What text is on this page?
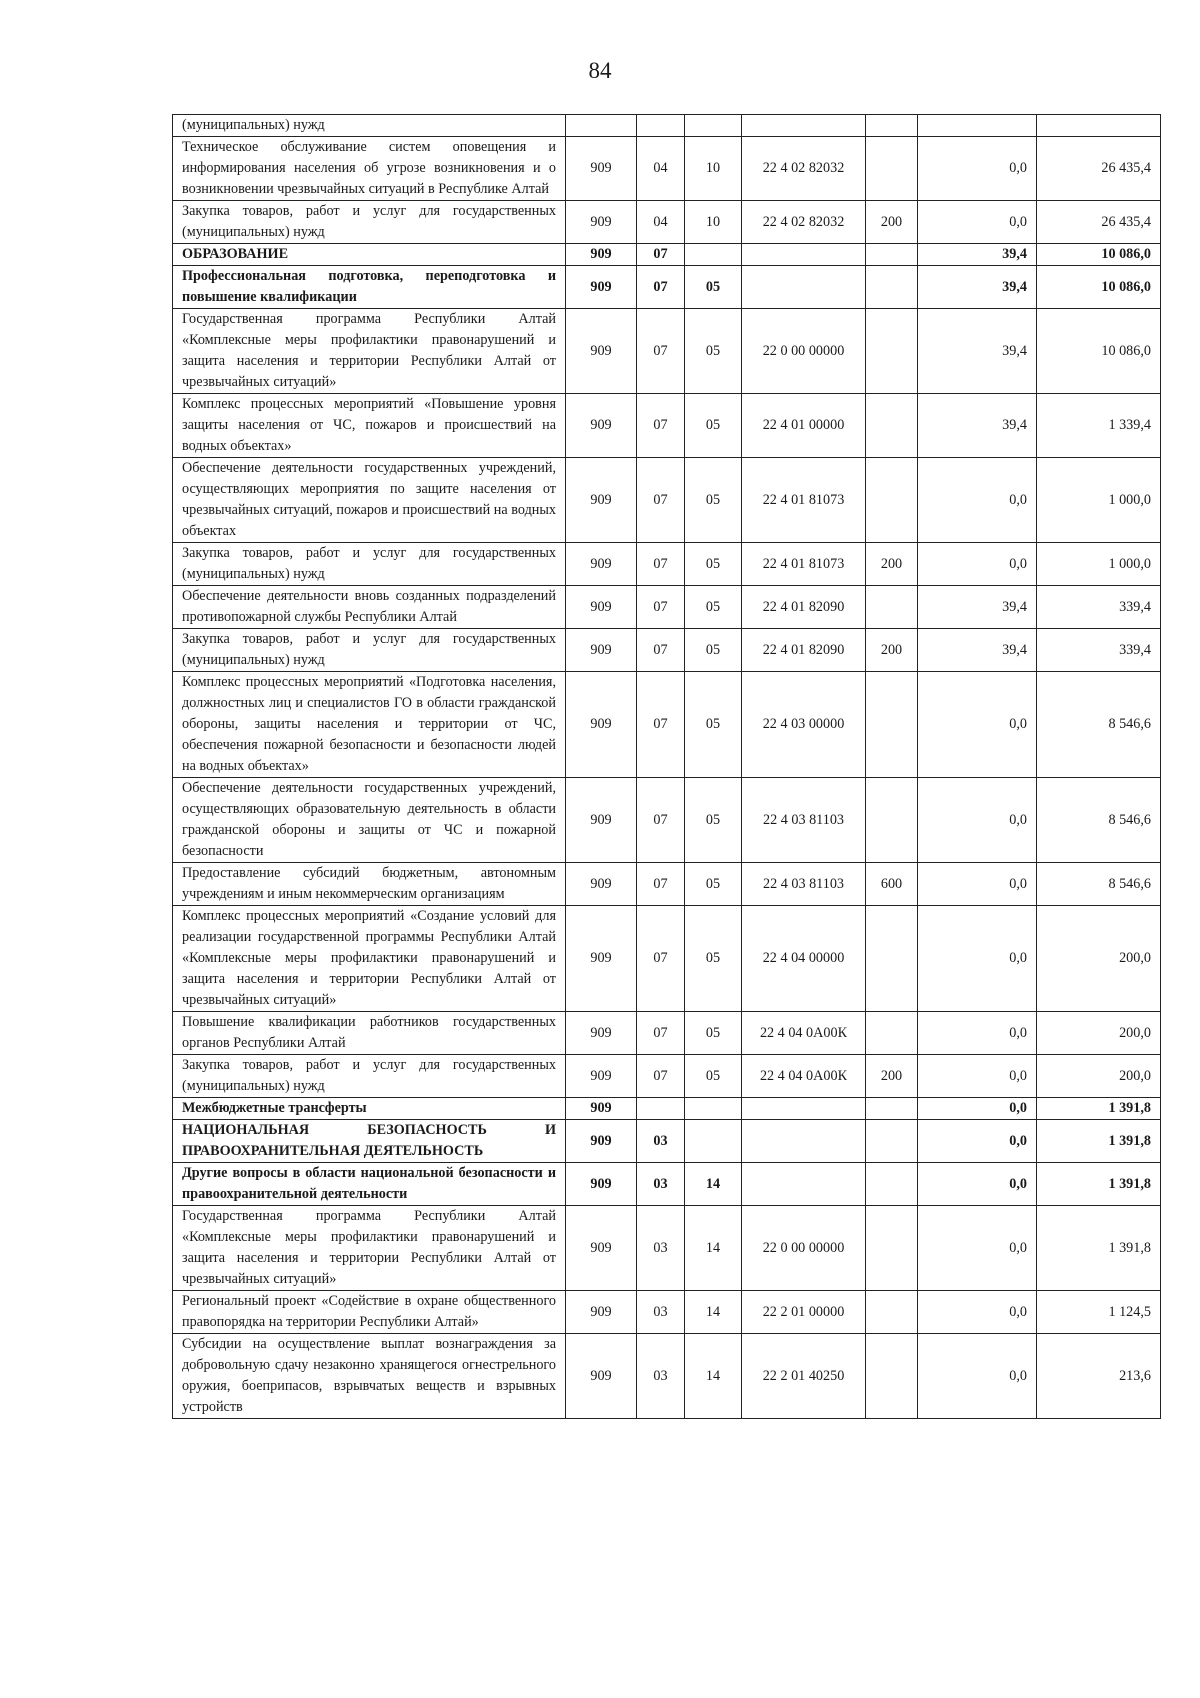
84
(муниципальных) нужд							
Техническое обслуживание систем оповещения и информирования населения об угрозе возникновения и о возникновении чрезвычайных ситуаций в Республике Алтай	909	04	10	22 4 02 82032		0,0	26 435,4
Закупка товаров, работ и услуг для государственных (муниципальных) нужд	909	04	10	22 4 02 82032	200	0,0	26 435,4
ОБРАЗОВАНИЕ	909	07				39,4	10 086,0
Профессиональная подготовка, переподготовка и повышение квалификации	909	07	05			39,4	10 086,0
Государственная программа Республики Алтай «Комплексные меры профилактики правонарушений и защита населения и территории Республики Алтай от чрезвычайных ситуаций»	909	07	05	22 0 00 00000		39,4	10 086,0
Комплекс процессных мероприятий «Повышение уровня защиты населения от ЧС, пожаров и происшествий на водных объектах»	909	07	05	22 4 01 00000		39,4	1 339,4
Обеспечение деятельности государственных учреждений, осуществляющих мероприятия по защите населения от чрезвычайных ситуаций, пожаров и происшествий на водных объектах	909	07	05	22 4 01 81073		0,0	1 000,0
Закупка товаров, работ и услуг для государственных (муниципальных) нужд	909	07	05	22 4 01 81073	200	0,0	1 000,0
Обеспечение деятельности вновь созданных подразделений противопожарной службы Республики Алтай	909	07	05	22 4 01 82090		39,4	339,4
Закупка товаров, работ и услуг для государственных (муниципальных) нужд	909	07	05	22 4 01 82090	200	39,4	339,4
Комплекс процессных мероприятий «Подготовка населения, должностных лиц и специалистов ГО в области гражданской обороны, защиты населения и территории от ЧС, обеспечения пожарной безопасности и безопасности людей на водных объектах»	909	07	05	22 4 03 00000		0,0	8 546,6
Обеспечение деятельности государственных учреждений, осуществляющих образовательную деятельность в области гражданской обороны и защиты от ЧС и пожарной безопасности	909	07	05	22 4 03 81103		0,0	8 546,6
Предоставление субсидий бюджетным, автономным учреждениям и иным некоммерческим организациям	909	07	05	22 4 03 81103	600	0,0	8 546,6
Комплекс процессных мероприятий «Создание условий для реализации государственной программы Республики Алтай «Комплексные меры профилактики правонарушений и защита населения и территории Республики Алтай от чрезвычайных ситуаций»	909	07	05	22 4 04 00000		0,0	200,0
Повышение квалификации работников государственных органов Республики Алтай	909	07	05	22 4 04 0А00К		0,0	200,0
Закупка товаров, работ и услуг для государственных (муниципальных) нужд	909	07	05	22 4 04 0А00К	200	0,0	200,0
Межбюджетные трансферты	909					0,0	1 391,8
НАЦИОНАЛЬНАЯ БЕЗОПАСНОСТЬ И ПРАВООХРАНИТЕЛЬНАЯ ДЕЯТЕЛЬНОСТЬ	909	03				0,0	1 391,8
Другие вопросы в области национальной безопасности и правоохранительной деятельности	909	03	14			0,0	1 391,8
Государственная программа Республики Алтай «Комплексные меры профилактики правонарушений и защита населения и территории Республики Алтай от чрезвычайных ситуаций»	909	03	14	22 0 00 00000		0,0	1 391,8
Региональный проект «Содействие в охране общественного правопорядка на территории Республики Алтай»	909	03	14	22 2 01 00000		0,0	1 124,5
Субсидии на осуществление выплат вознаграждения за добровольную сдачу незаконно хранящегося огнестрельного оружия, боеприпасов, взрывчатых веществ и взрывных устройств	909	03	14	22 2 01 40250		0,0	213,6
